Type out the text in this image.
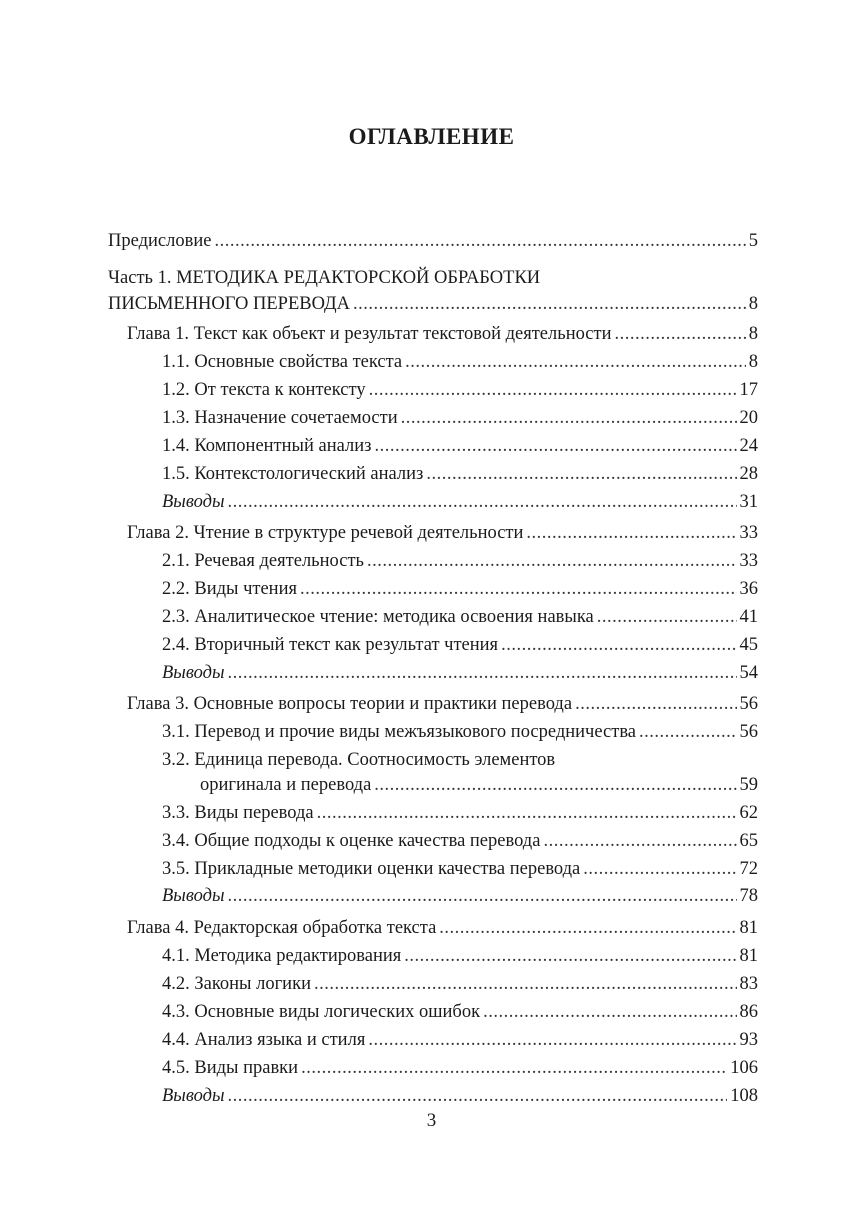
ОГЛАВЛЕНИЕ
Предисловие .....	5
Часть 1. МЕТОДИКА РЕДАКТОРСКОЙ ОБРАБОТКИ
ПИСЬМЕННОГО ПЕРЕВОДА .....	8
Глава 1. Текст как объект и результат текстовой деятельности .....	8
1.1. Основные свойства текста .....	8
1.2. От текста к контексту .....	17
1.3. Назначение сочетаемости .....	20
1.4. Компонентный анализ .....	24
1.5. Контекстологический анализ .....	28
Выводы .....	31
Глава 2. Чтение в структуре речевой деятельности .....	33
2.1. Речевая деятельность .....	33
2.2. Виды чтения .....	36
2.3. Аналитическое чтение: методика освоения навыка .....	41
2.4. Вторичный текст как результат чтения .....	45
Выводы .....	54
Глава 3. Основные вопросы теории и практики перевода .....	56
3.1. Перевод и прочие виды межъязыкового посредничества .....	56
3.2. Единица перевода. Соотносимость элементов
оригинала и перевода .....	59
3.3. Виды перевода .....	62
3.4. Общие подходы к оценке качества перевода .....	65
3.5. Прикладные методики оценки качества перевода .....	72
Выводы .....	78
Глава 4. Редакторская обработка текста .....	81
4.1. Методика редактирования .....	81
4.2. Законы логики .....	83
4.3. Основные виды логических ошибок .....	86
4.4. Анализ языка и стиля .....	93
4.5. Виды правки .....	106
Выводы .....	108
3
